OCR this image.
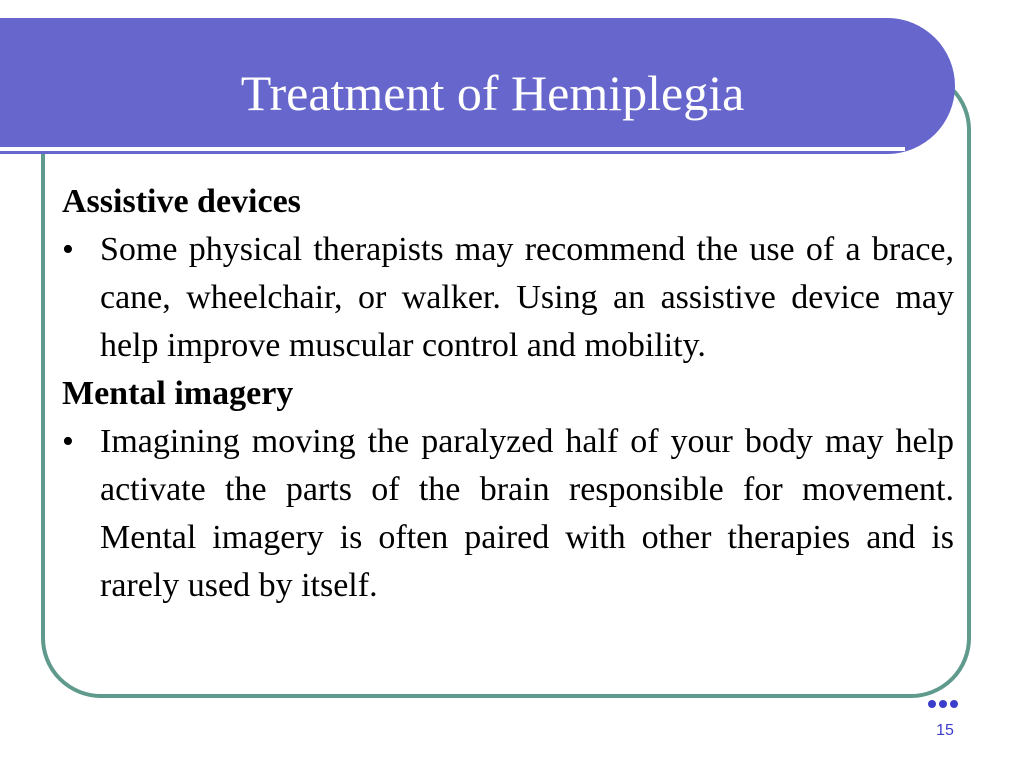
Treatment of Hemiplegia

Assistive devices

• Some physical therapists may recommend the use of a brace, cane, wheelchair, or walker. Using an assistive device may help improve muscular control and mobility.

Mental imagery

• Imagining moving the paralyzed half of your body may help activate the parts of the brain responsible for movement. Mental imagery is often paired with other therapies and is rarely used by itself.

15
